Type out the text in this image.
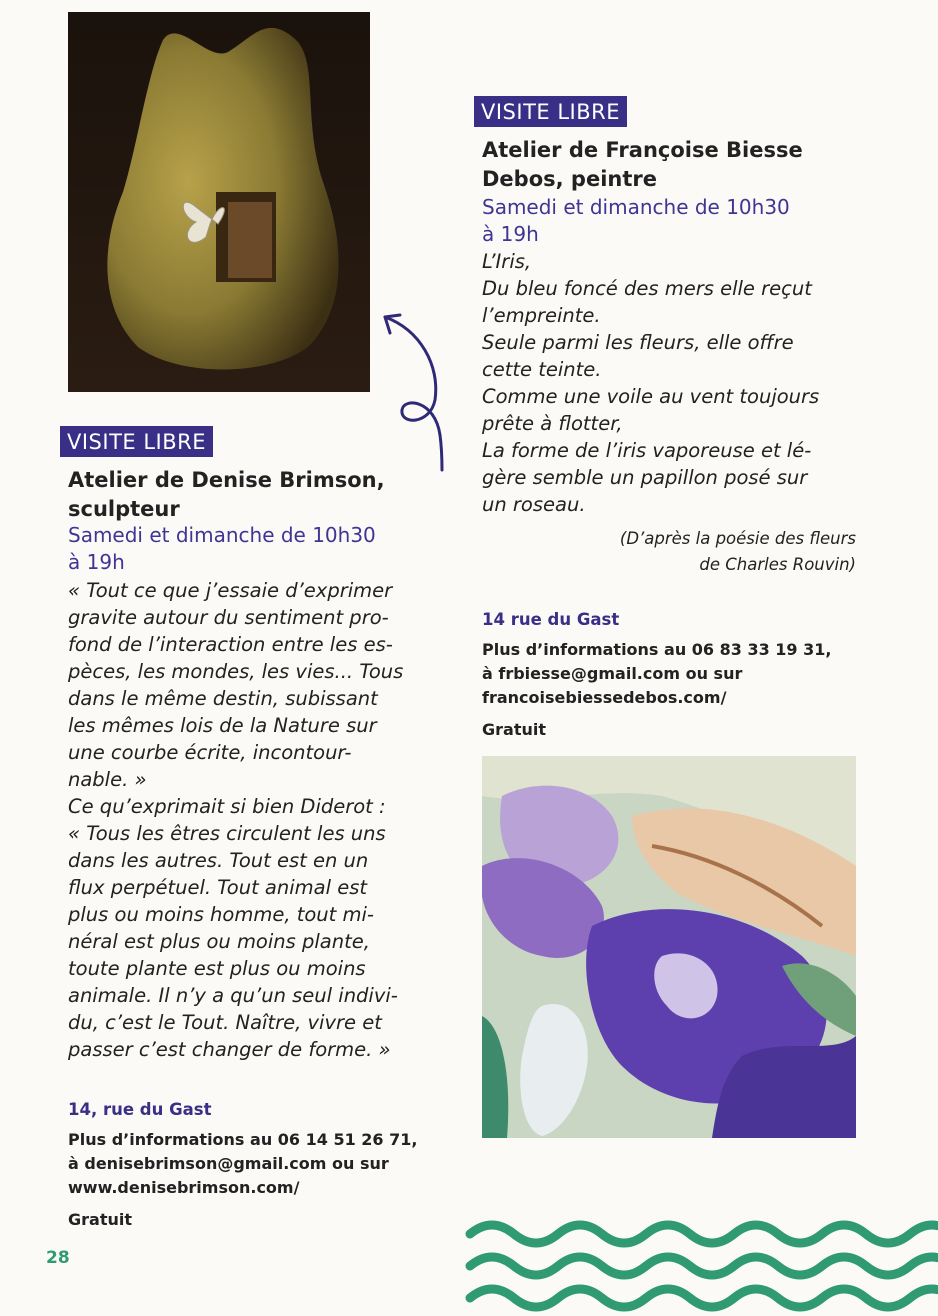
VISITE LIBRE
Atelier de Denise Brimson,
sculpteur
Samedi et dimanche de 10h30
à 19h
« Tout ce que j’essaie d’exprimer
gravite autour du sentiment pro-
fond de l’interaction entre les es-
pèces, les mondes, les vies... Tous
dans le même destin, subissant
les mêmes lois de la Nature sur
une courbe écrite, incontour-
nable. »
Ce qu’exprimait si bien Diderot :
« Tous les êtres circulent les uns
dans les autres. Tout est en un
flux perpétuel. Tout animal est
plus ou moins homme, tout mi-
néral est plus ou moins plante,
toute plante est plus ou moins
animale. Il n’y a qu’un seul indivi-
du, c’est le Tout. Naître, vivre et
passer c’est changer de forme. »
14, rue du Gast
Plus d’informations au 06 14 51 26 71,
à denisebrimson@gmail.com ou sur
www.denisebrimson.com/
Gratuit
VISITE LIBRE
Atelier de Françoise Biesse
Debos, peintre
Samedi et dimanche de 10h30
à 19h
L’Iris,
Du bleu foncé des mers elle reçut
l’empreinte.
Seule parmi les fleurs, elle offre
cette teinte.
Comme une voile au vent toujours
prête à flotter,
La forme de l’iris vaporeuse et lé-
gère semble un papillon posé sur
un roseau.
(D’après la poésie des fleurs
de Charles Rouvin)
14 rue du Gast
Plus d’informations au 06 83 33 19 31,
à frbiesse@gmail.com ou sur
francoisebiessedebos.com/
Gratuit
28
